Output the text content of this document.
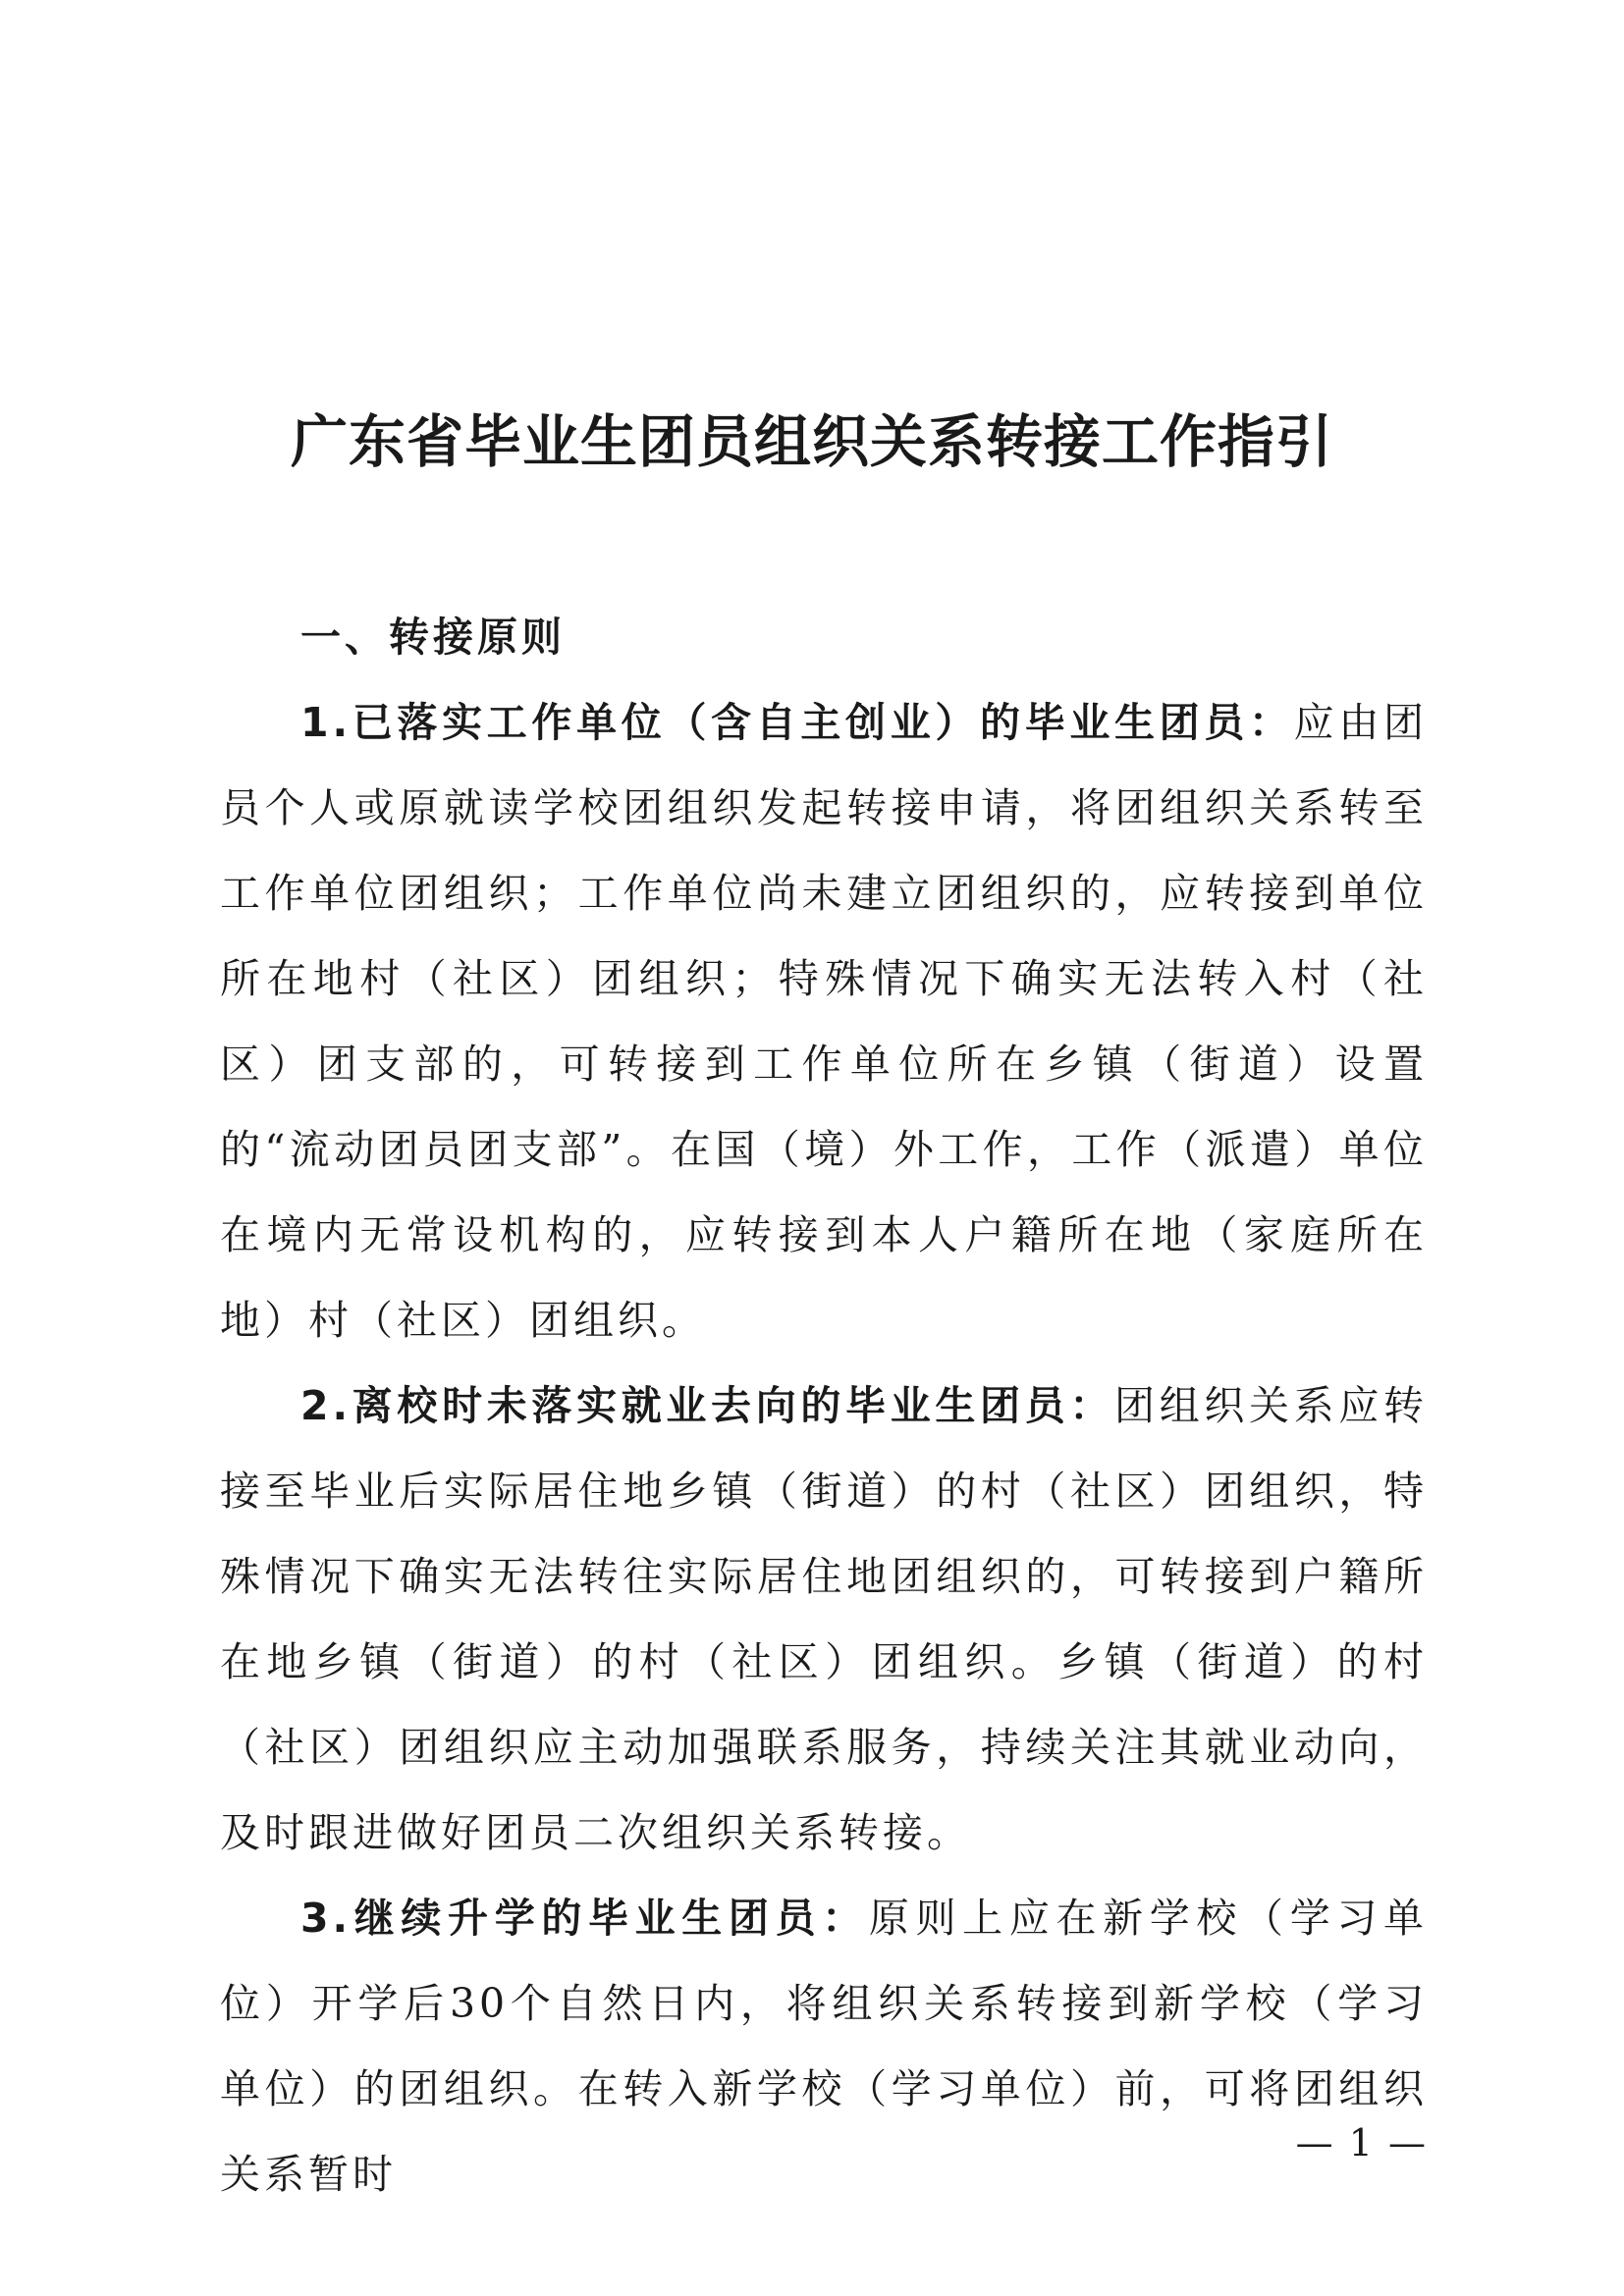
广东省毕业生团员组织关系转接工作指引

一、转接原则

1.已落实工作单位（含自主创业）的毕业生团员：应由团员个人或原就读学校团组织发起转接申请，将团组织关系转至工作单位团组织；工作单位尚未建立团组织的，应转接到单位所在地村（社区）团组织；特殊情况下确实无法转入村（社区）团支部的，可转接到工作单位所在乡镇（街道）设置的“流动团员团支部”。在国（境）外工作，工作（派遣）单位在境内无常设机构的，应转接到本人户籍所在地（家庭所在地）村（社区）团组织。

2.离校时未落实就业去向的毕业生团员：团组织关系应转接至毕业后实际居住地乡镇（街道）的村（社区）团组织，特殊情况下确实无法转往实际居住地团组织的，可转接到户籍所在地乡镇（街道）的村（社区）团组织。乡镇（街道）的村（社区）团组织应主动加强联系服务，持续关注其就业动向，及时跟进做好团员二次组织关系转接。

3.继续升学的毕业生团员：原则上应在新学校（学习单位）开学后30个自然日内，将组织关系转接到新学校（学习单位）的团组织。在转入新学校（学习单位）前，可将团组织关系暂时

— 1 —
